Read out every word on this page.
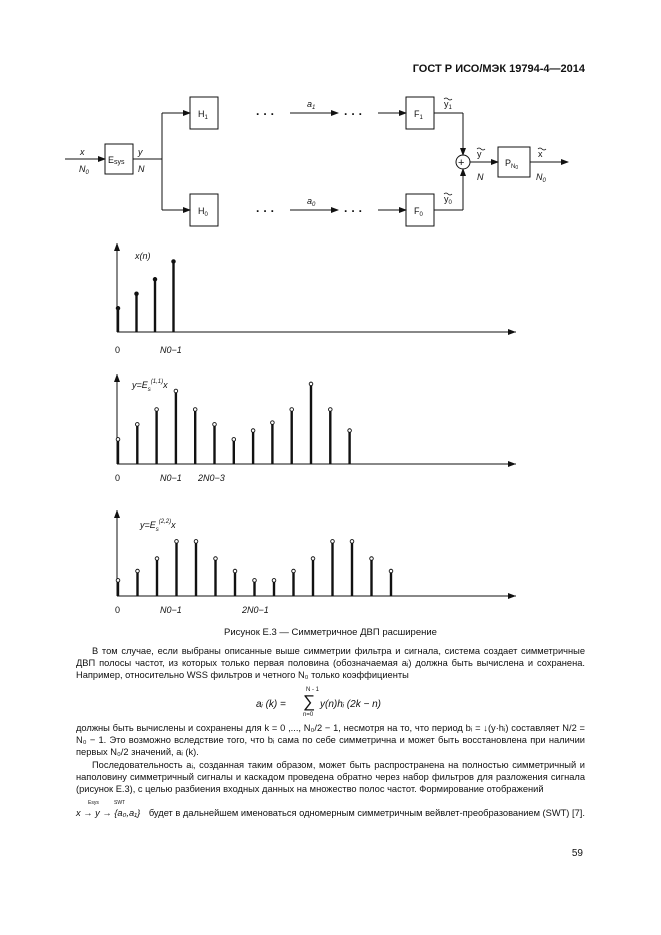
ГОСТ Р ИСО/МЭК 19794-4—2014
x
$N_0$
Esys
y
N
$H_1$
$H_0$
· · ·
· · ·
· · ·
· · ·
$a_1$
$a_0$
$F_1$
$F_0$
$y_1$
$y_0$
+
y
N
$P_N0$
x
$N_0$
x(n)
0	N0−1
$y=E_s^{(1,1)}x$
0	N0−1 2N0−3
$y=E_s^{(2,2)}x$
0	N0−1	2N0−1
Рисунок Е.3 — Симметричное ДВП расширение

В том случае, если выбраны описанные выше симметрии фильтра и сигнала, система создает симметричные ДВП полосы частот, из которых только первая половина (обозначаемая aᵢ) должна быть вычислена и сохранена. Например, относительно WSS фильтров и четного N₀ только коэффициенты

aᵢ (k) =
N - 1
∑
n=0
y(n)hᵢ (2k − n)

должны быть вычислены и сохранены для k = 0 ,..., N₀/2 − 1, несмотря на то, что период bᵢ = ↓(y·hᵢ) составляет N/2 = N₀ − 1. Это возможно вследствие того, что bᵢ сама по себе симметрична и может быть восстановлена при наличии первых N₀/2 значений, aᵢ (k).

Последовательность aᵢ, созданная таким образом, может быть распространена на полностью симметричный и наполовину симметричный сигналы и каскадом проведена обратно через набор фильтров для разложения сигнала (рисунок Е.3), с целью разбиения входных данных на множество полос частот. Формирование отображений

Esys	SWT
x → y → {a₀,a₁} будет в дальнейшем именоваться одномерным симметричным вейвлет-преобразованием (SWT) [7].
59
